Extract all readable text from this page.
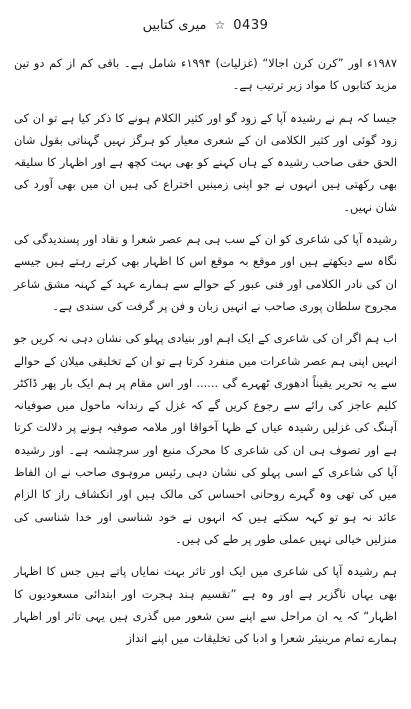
میری کتابیں ☆ 0439

۱۹۸۷ء اور ”کرن کرن اجالا“ (غزلیات) ۱۹۹۴ء شامل ہے۔ باقی کم از کم دو تین مزید کتابوں کا مواد زیر ترتیب ہے۔

جیسا کہ ہم نے رشیدہ آپا کے زود گو اور کثیر الکلام ہونے کا ذکر کیا ہے تو ان کی زود گوئی اور کثیر الکلامی ان کے شعری معیار کو ہرگز نہیں گہناتی بقول شان الحق حقی صاحب رشیدہ کے ہاں کہنے کو بھی بہت کچھ ہے اور اظہار کا سلیقہ بھی رکھتی ہیں انہوں نے جو اپنی زمینیں اختراع کی ہیں ان میں بھی آورد کی شان نہیں۔

رشیدہ آپا کی شاعری کو ان کے سب ہی ہم عصر شعرا و نقاد اور پسندیدگی کی نگاہ سے دیکھتے ہیں اور موقع بہ موقع اس کا اظہار بھی کرتے رہتے ہیں جیسے ان کی نادر الکلامی اور فنی عبور کے حوالے سے ہمارے عہد کے کہنہ مشق شاعر مجروح سلطان پوری صاحب نے انہیں زبان و فن پر گرفت کی سندی ہے۔

اب ہم اگر ان کی شاعری کے ایک اہم اور بنیادی پہلو کی نشان دہی نہ کریں جو انہیں اپنی ہم عصر شاعرات میں منفرد کرتا ہے تو ان کے تخلیقی میلان کے حوالے سے یہ تحریر یقیناً ادھوری ٹھہرے گی ...... اور اس مقام پر ہم ایک بار پھر ڈاکٹر کلیم عاجز کی رائے سے رجوع کریں گے کہ غزل کے رندانہ ماحول میں صوفیانہ آہنگ کی غزلیں رشیدہ عیاں کے ظہا آخواقا اور ملامہ صوفیہ ہونے پر دلالت کرتا ہے اور تصوف ہی ان کی شاعری کا محرک منبع اور سرچشمہ ہے۔ اور رشیدہ آپا کی شاعری کے اسی پہلو کی نشان دہی رئیس مروہوی صاحب نے ان الفاظ میں کی تھی وہ گہرے روحانی احساس کی مالک ہیں اور انکشاف راز کا الزام عائد نہ ہو تو کہہ سکتے ہیں کہ انہوں نے خود شناسی اور خدا شناسی کی منزلیں خیالی نہیں عملی طور پر طے کی ہیں۔

ہم رشیدہ آپا کی شاعری میں ایک اور تاثر بہت نمایاں پاتے ہیں جس کا اظہار بھی یہاں ناگزیر ہے اور وہ ہے ”تقسیم ہند ہجرت اور ابتدائی مسعودیوں کا اظہار“ کہ یہ ان مراحل سے اپنے سن شعور میں گذری ہیں یہی تاثر اور اظہار ہمارے تمام مرینیئر شعرا و ادبا کی تخلیقات میں اپنے انداز
